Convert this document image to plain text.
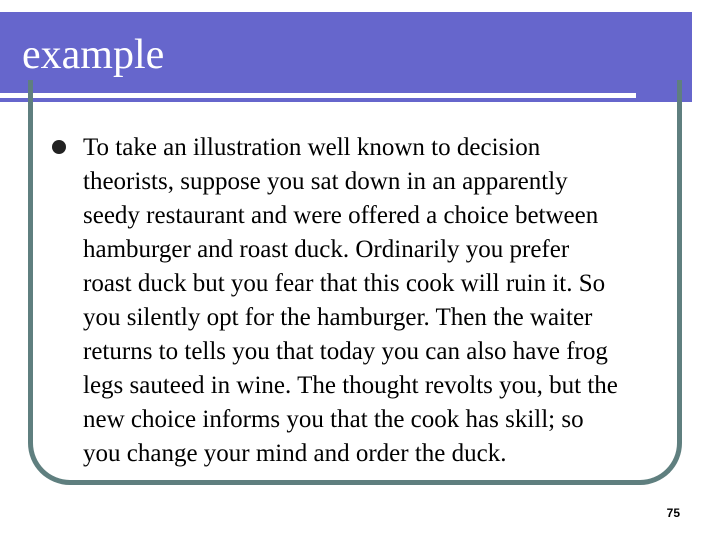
example

To take an illustration well known to decision
theorists, suppose you sat down in an apparently
seedy restaurant and were offered a choice between
hamburger and roast duck. Ordinarily you prefer
roast duck but you fear that this cook will ruin it. So
you silently opt for the hamburger. Then the waiter
returns to tells you that today you can also have frog
legs sauteed in wine. The thought revolts you, but the
new choice informs you that the cook has skill; so
you change your mind and order the duck.

75
